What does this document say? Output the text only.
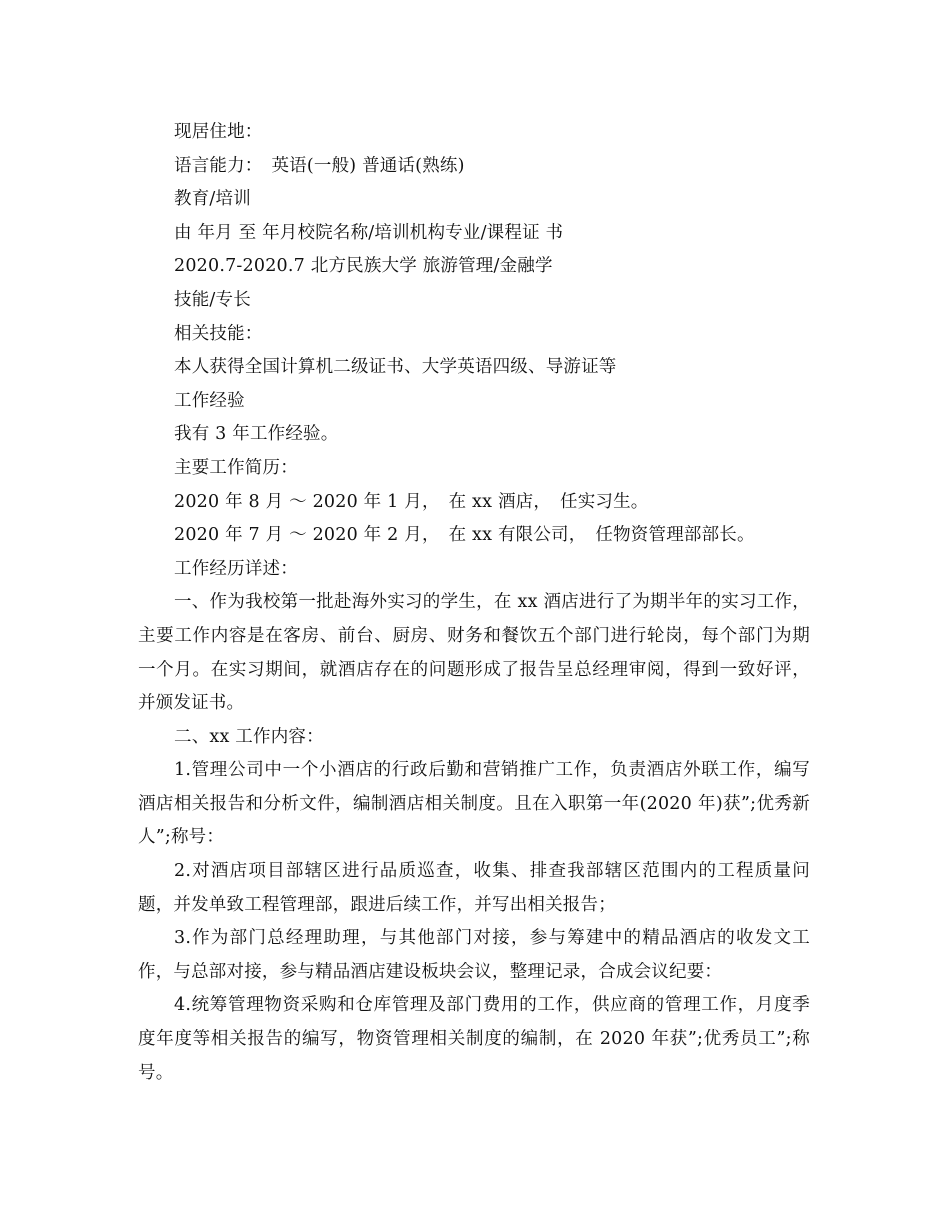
现居住地：
语言能力：　英语(一般) 普通话(熟练)
教育/培训
由 年月 至 年月校院名称/培训机构专业/课程证 书
2020.7-2020.7 北方民族大学 旅游管理/金融学
技能/专长
相关技能：
本人获得全国计算机二级证书、大学英语四级、导游证等
工作经验
我有 3 年工作经验。
主要工作简历：
2020 年 8 月 ～ 2020 年 1 月，　在 xx 酒店，　任实习生。
2020 年 7 月 ～ 2020 年 2 月，　在 xx 有限公司，　任物资管理部部长。
工作经历详述：

一、作为我校第一批赴海外实习的学生，在 xx 酒店进行了为期半年的实习工作，主要工作内容是在客房、前台、厨房、财务和餐饮五个部门进行轮岗，每个部门为期一个月。在实习期间，就酒店存在的问题形成了报告呈总经理审阅，得到一致好评，并颁发证书。

二、xx 工作内容：

1.管理公司中一个小酒店的行政后勤和营销推广工作，负责酒店外联工作，编写酒店相关报告和分析文件，编制酒店相关制度。且在入职第一年(2020 年)获”;优秀新人”;称号：

2.对酒店项目部辖区进行品质巡查，收集、排查我部辖区范围内的工程质量问题，并发单致工程管理部，跟进后续工作，并写出相关报告；

3.作为部门总经理助理，与其他部门对接，参与筹建中的精品酒店的收发文工作，与总部对接，参与精品酒店建设板块会议，整理记录，合成会议纪要：

4.统筹管理物资采购和仓库管理及部门费用的工作，供应商的管理工作，月度季度年度等相关报告的编写，物资管理相关制度的编制，在 2020 年获”;优秀员工”;称号。
